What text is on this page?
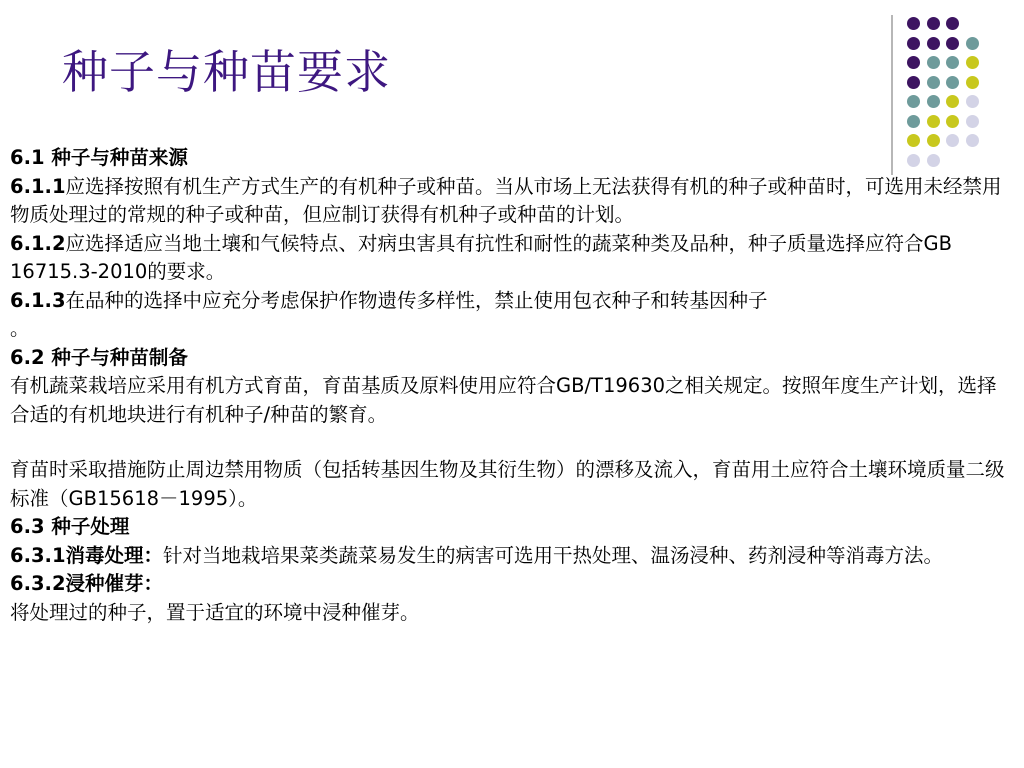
种子与种苗要求

6.1 种子与种苗来源

6.1.1应选择按照有机生产方式生产的有机种子或种苗。当从市场上无法获得有机的种子或种苗时，可选用未经禁用物质处理过的常规的种子或种苗，但应制订获得有机种子或种苗的计划。

6.1.2应选择适应当地土壤和气候特点、对病虫害具有抗性和耐性的蔬菜种类及品种，种子质量选择应符合GB 16715.3-2010的要求。

6.1.3在品种的选择中应充分考虑保护作物遗传多样性，禁止使用包衣种子和转基因种子

。

6.2 种子与种苗制备

有机蔬菜栽培应采用有机方式育苗，育苗基质及原料使用应符合GB/T19630之相关规定。按照年度生产计划，选择合适的有机地块进行有机种子/种苗的繁育。

育苗时采取措施防止周边禁用物质（包括转基因生物及其衍生物）的漂移及流入，育苗用土应符合土壤环境质量二级标准（GB15618－1995）。

6.3 种子处理

6.3.1消毒处理：针对当地栽培果菜类蔬菜易发生的病害可选用干热处理、温汤浸种、药剂浸种等消毒方法。

6.3.2浸种催芽：

将处理过的种子，置于适宜的环境中浸种催芽。
